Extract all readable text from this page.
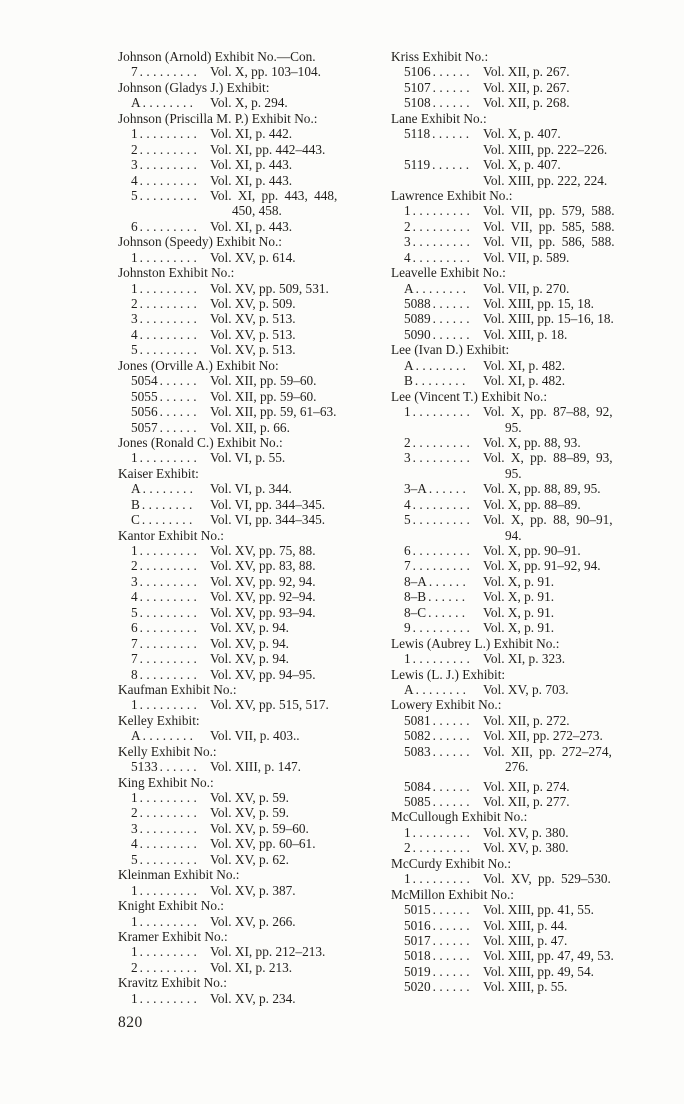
Johnson (Arnold) Exhibit No.—Con.
7 ......... Vol. X, pp. 103–104.
Johnson (Gladys J.) Exhibit:
A ........ Vol. X, p. 294.
Johnson (Priscilla M. P.) Exhibit No.:
1 ......... Vol. XI, p. 442.
2 ......... Vol. XI, pp. 442–443.
3 ......... Vol. XI, p. 443.
4 ......... Vol. XI, p. 443.
5 ......... Vol. XI, pp. 443, 448,
450, 458.
6 ......... Vol. XI, p. 443.
Johnson (Speedy) Exhibit No.:
1 ......... Vol. XV, p. 614.
Johnston Exhibit No.:
1 ......... Vol. XV, pp. 509, 531.
2 ......... Vol. XV, p. 509.
3 ......... Vol. XV, p. 513.
4 ......... Vol. XV, p. 513.
5 ......... Vol. XV, p. 513.
Jones (Orville A.) Exhibit No:
5054 ...... Vol. XII, pp. 59–60.
5055 ...... Vol. XII, pp. 59–60.
5056 ...... Vol. XII, pp. 59, 61–63.
5057 ...... Vol. XII, p. 66.
Jones (Ronald C.) Exhibit No.:
1 ......... Vol. VI, p. 55.
Kaiser Exhibit:
A ........ Vol. VI, p. 344.
B ........ Vol. VI, pp. 344–345.
C ........ Vol. VI, pp. 344–345.
Kantor Exhibit No.:
1 ......... Vol. XV, pp. 75, 88.
2 ......... Vol. XV, pp. 83, 88.
3 ......... Vol. XV, pp. 92, 94.
4 ......... Vol. XV, pp. 92–94.
5 ......... Vol. XV, pp. 93–94.
6 ......... Vol. XV, p. 94.
7 ......... Vol. XV, p. 94.
7 ......... Vol. XV, p. 94.
8 ......... Vol. XV, pp. 94–95.
Kaufman Exhibit No.:
1 ......... Vol. XV, pp. 515, 517.
Kelley Exhibit:
A ........ Vol. VII, p. 403..
Kelly Exhibit No.:
5133 ...... Vol. XIII, p. 147.
King Exhibit No.:
1 ......... Vol. XV, p. 59.
2 ......... Vol. XV, p. 59.
3 ......... Vol. XV, p. 59–60.
4 ......... Vol. XV, pp. 60–61.
5 ......... Vol. XV, p. 62.
Kleinman Exhibit No.:
1 ......... Vol. XV, p. 387.
Knight Exhibit No.:
1 ......... Vol. XV, p. 266.
Kramer Exhibit No.:
1 ......... Vol. XI, pp. 212–213.
2 ......... Vol. XI, p. 213.
Kravitz Exhibit No.:
1 ......... Vol. XV, p. 234.
Kriss Exhibit No.:
5106 ...... Vol. XII, p. 267.
5107 ...... Vol. XII, p. 267.
5108 ...... Vol. XII, p. 268.
Lane Exhibit No.:
5118 ...... Vol. X, p. 407.
Vol. XIII, pp. 222–226.
5119 ...... Vol. X, p. 407.
Vol. XIII, pp. 222, 224.
Lawrence Exhibit No.:
1 ......... Vol. VII, pp. 579, 588.
2 ......... Vol. VII, pp. 585, 588.
3 ......... Vol. VII, pp. 586, 588.
4 ......... Vol. VII, p. 589.
Leavelle Exhibit No.:
A ........ Vol. VII, p. 270.
5088 ...... Vol. XIII, pp. 15, 18.
5089 ...... Vol. XIII, pp. 15–16, 18.
5090 ...... Vol. XIII, p. 18.
Lee (Ivan D.) Exhibit:
A ........ Vol. XI, p. 482.
B ........ Vol. XI, p. 482.
Lee (Vincent T.) Exhibit No.:
1 ......... Vol. X, pp. 87–88, 92,
95.
2 ......... Vol. X, pp. 88, 93.
3 ......... Vol. X, pp. 88–89, 93,
95.
3–A ...... Vol. X, pp. 88, 89, 95.
4 ......... Vol. X, pp. 88–89.
5 ......... Vol. X, pp. 88, 90–91,
94.
6 ......... Vol. X, pp. 90–91.
7 ......... Vol. X, pp. 91–92, 94.
8–A ...... Vol. X, p. 91.
8–B ...... Vol. X, p. 91.
8–C ...... Vol. X, p. 91.
9 ......... Vol. X, p. 91.
Lewis (Aubrey L.) Exhibit No.:
1 ......... Vol. XI, p. 323.
Lewis (L. J.) Exhibit:
A ........ Vol. XV, p. 703.
Lowery Exhibit No.:
5081 ...... Vol. XII, p. 272.
5082 ...... Vol. XII, pp. 272–273.
5083 ...... Vol. XII, pp. 272–274,
276.
5084 ...... Vol. XII, p. 274.
5085 ...... Vol. XII, p. 277.
McCullough Exhibit No.:
1 ......... Vol. XV, p. 380.
2 ......... Vol. XV, p. 380.
McCurdy Exhibit No.:
1 ......... Vol. XV, pp. 529–530.
McMillon Exhibit No.:
5015 ...... Vol. XIII, pp. 41, 55.
5016 ...... Vol. XIII, p. 44.
5017 ...... Vol. XIII, p. 47.
5018 ...... Vol. XIII, pp. 47, 49, 53.
5019 ...... Vol. XIII, pp. 49, 54.
5020 ...... Vol. XIII, p. 55.
820
